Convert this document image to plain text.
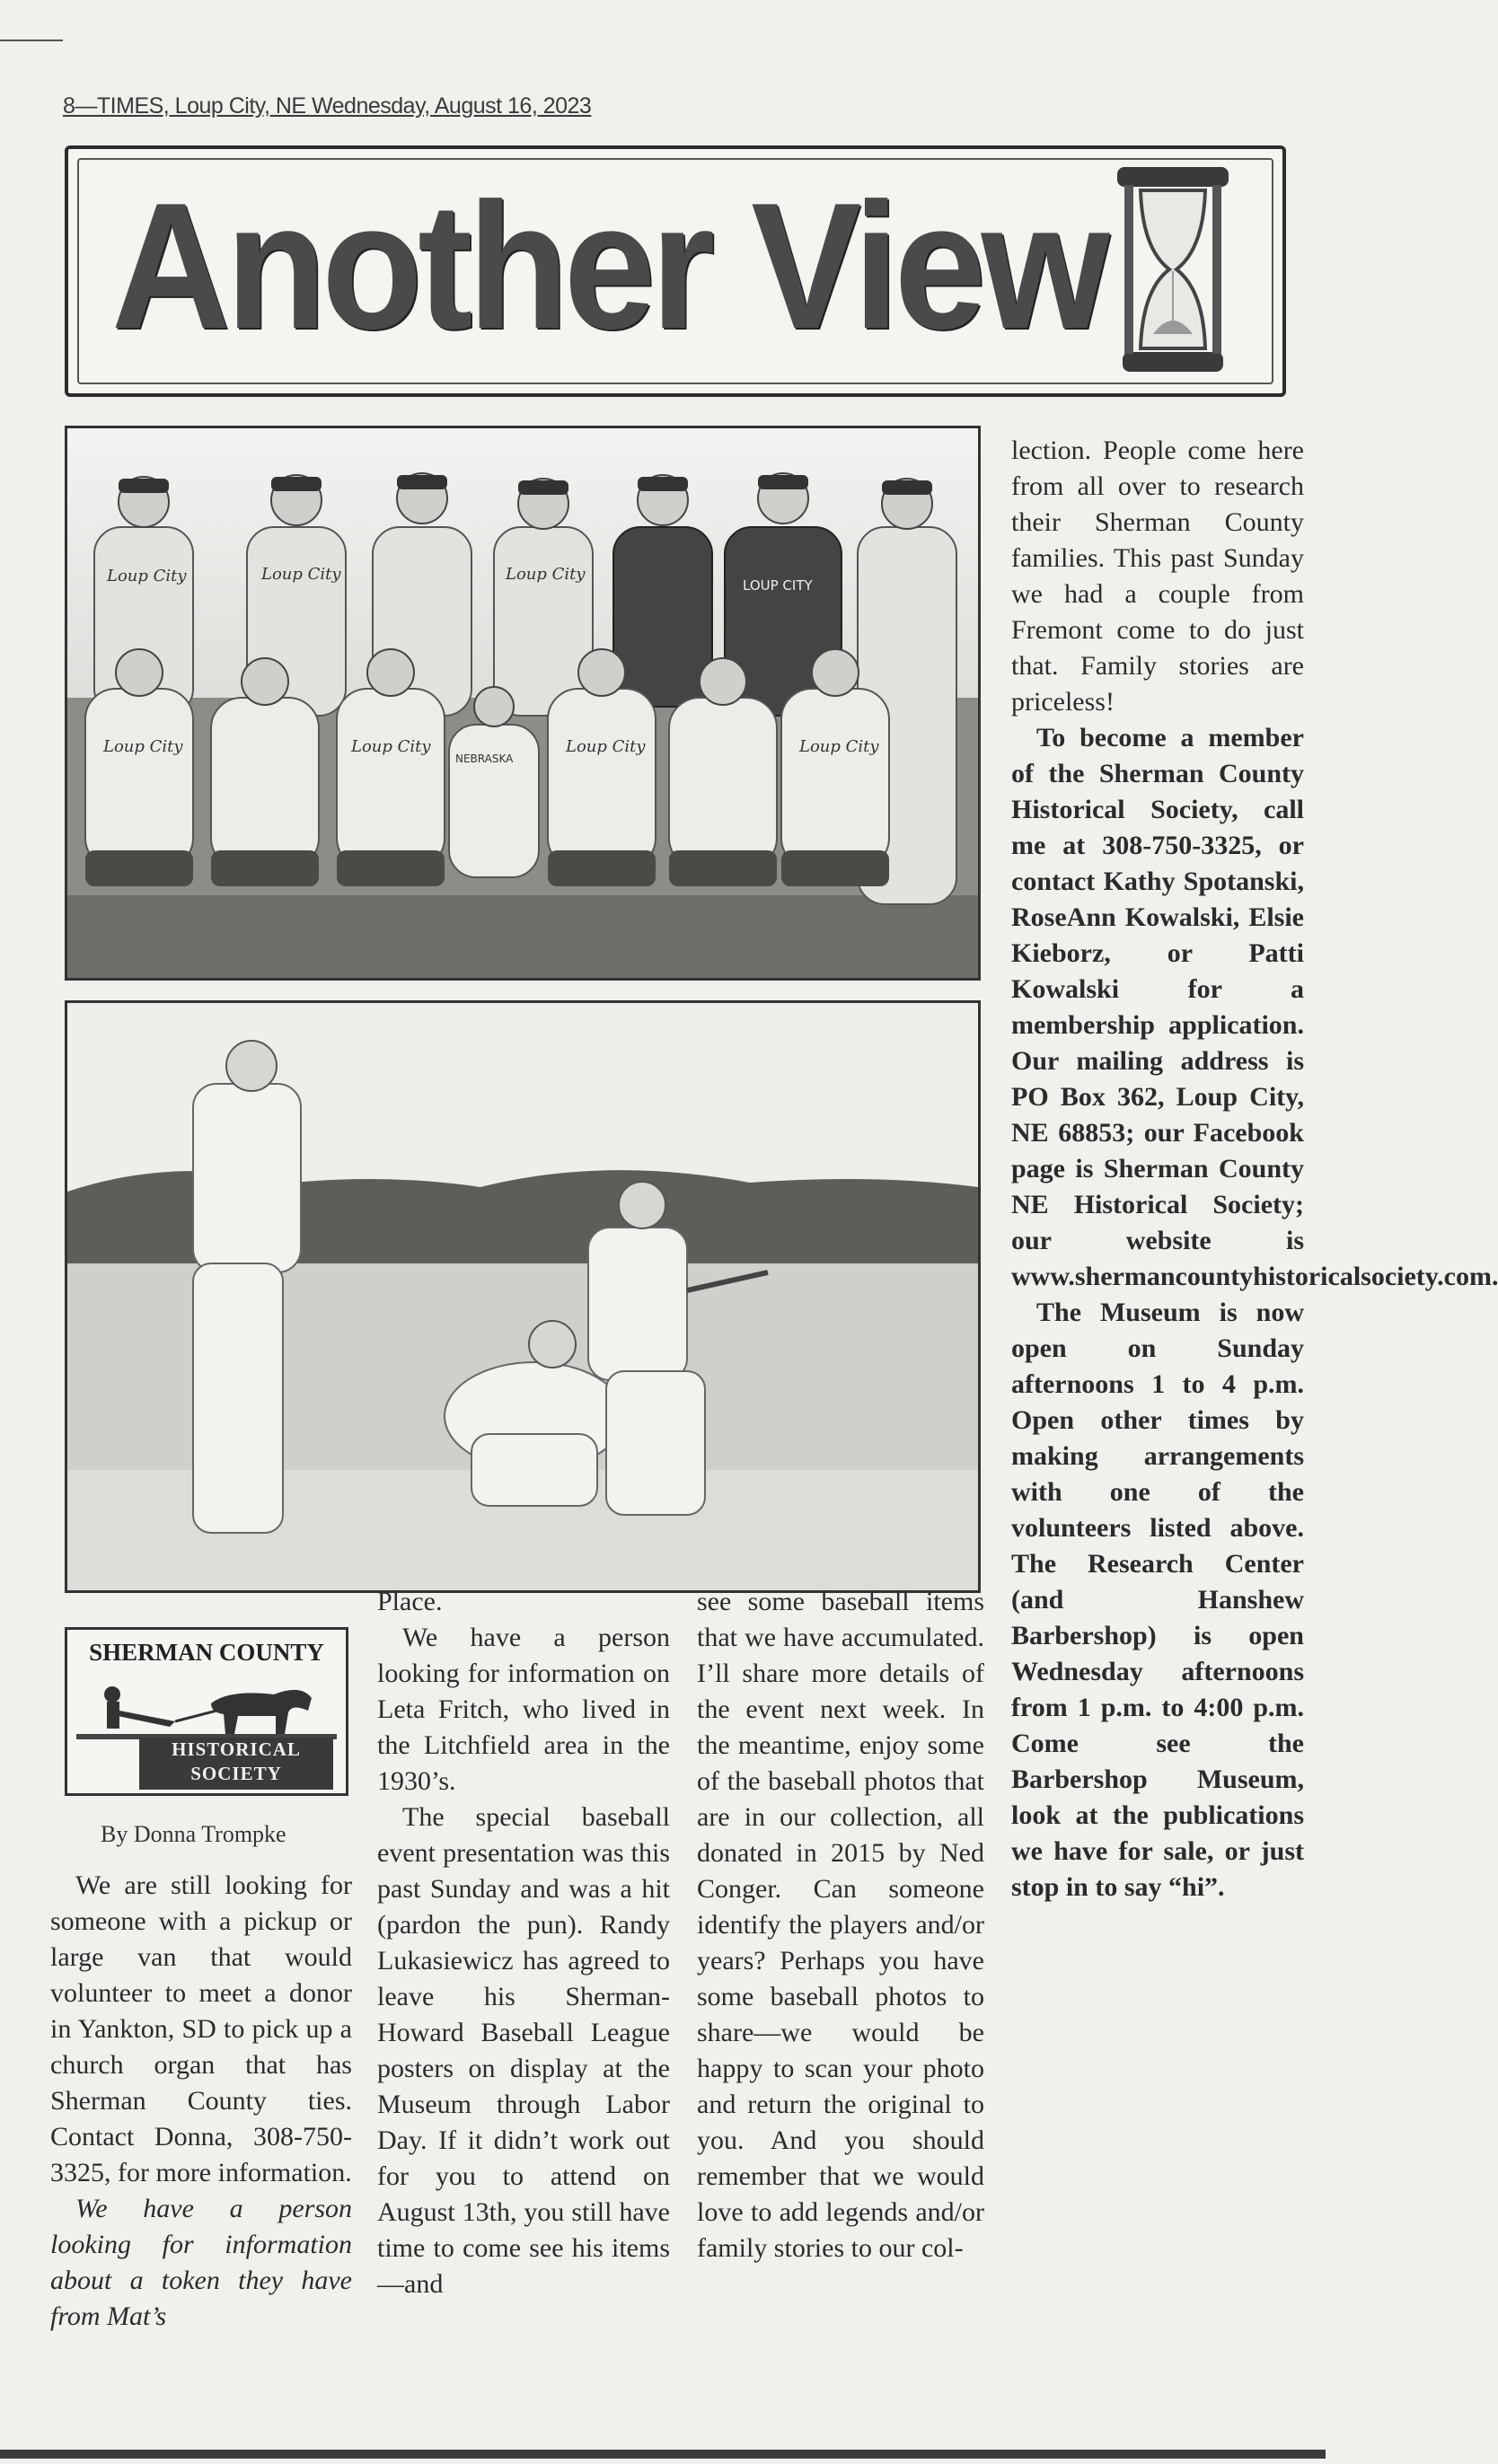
8—TIMES, Loup City, NE Wednesday, August 16, 2023
Another View
Loup City	Loup City	Loup City
Loup City	Loup City	Loup City	Loup City
LOUP CITY
NEBRASKA
SHERMAN COUNTY
HISTORICAL
SOCIETY
By Donna Trompke

We are still looking for someone with a pickup or large van that would volunteer to meet a donor in Yankton, SD to pick up a church organ that has Sherman County ties. Contact Donna, 308-750-3325, for more information.

We have a person looking for information about a token they have from Mat’s

Place.

We have a person looking for information on Leta Fritch, who lived in the Litchfield area in the 1930’s.

The special baseball event presentation was this past Sunday and was a hit (pardon the pun). Randy Lukasiewicz has agreed to leave his Sherman-Howard Baseball League posters on display at the Museum through Labor Day. If it didn’t work out for you to attend on August 13th, you still have time to come see his items—and

see some baseball items that we have accumulated. I’ll share more details of the event next week. In the meantime, enjoy some of the baseball photos that are in our collection, all donated in 2015 by Ned Conger. Can someone identify the players and/or years? Perhaps you have some baseball photos to share—we would be happy to scan your photo and return the original to you. And you should remember that we would love to add legends and/or family stories to our col-

lection. People come here from all over to research their Sherman County families. This past Sunday we had a couple from Fremont come to do just that. Family stories are priceless!

To become a member of the Sherman County Historical Society, call me at 308-750-3325, or contact Kathy Spotanski, RoseAnn Kowalski, Elsie Kieborz, or Patti Kowalski for a membership application. Our mailing address is PO Box 362, Loup City, NE 68853; our Facebook page is Sherman County NE Historical Society; our website is www.shermancountyhistoricalsociety.com.

The Museum is now open on Sunday afternoons 1 to 4 p.m. Open other times by making arrangements with one of the volunteers listed above. The Research Center (and Hanshew Barbershop) is open Wednesday afternoons from 1 p.m. to 4:00 p.m. Come see the Barbershop Museum, look at the publications we have for sale, or just stop in to say “hi”.
